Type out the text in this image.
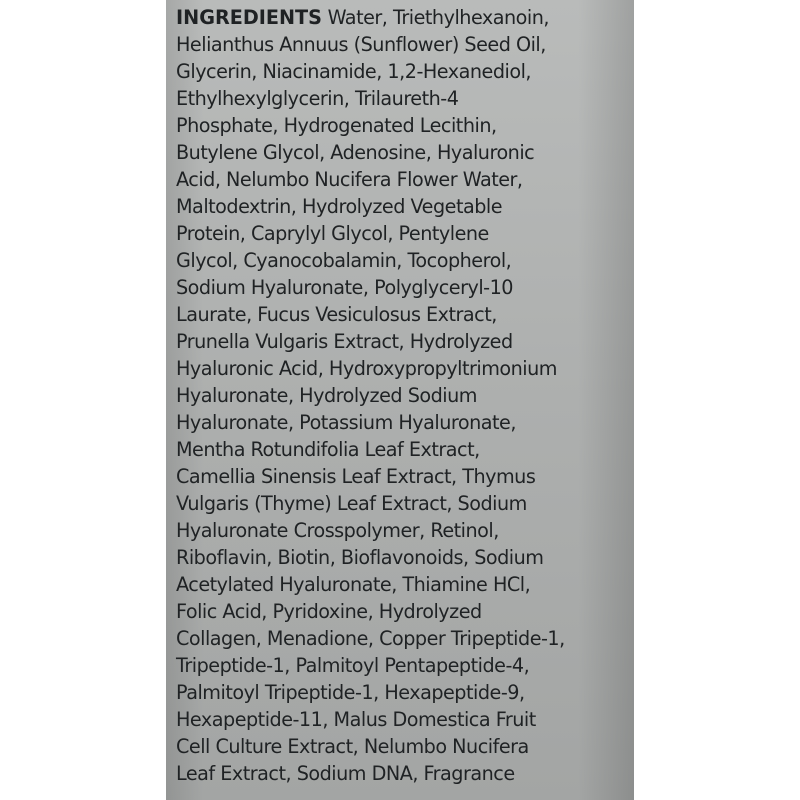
INGREDIENTS Water, Triethylhexanoin,
Helianthus Annuus (Sunflower) Seed Oil,
Glycerin, Niacinamide, 1,2-Hexanediol,
Ethylhexylglycerin, Trilaureth-4
Phosphate, Hydrogenated Lecithin,
Butylene Glycol, Adenosine, Hyaluronic
Acid, Nelumbo Nucifera Flower Water,
Maltodextrin, Hydrolyzed Vegetable
Protein, Caprylyl Glycol, Pentylene
Glycol, Cyanocobalamin, Tocopherol,
Sodium Hyaluronate, Polyglyceryl-10
Laurate, Fucus Vesiculosus Extract,
Prunella Vulgaris Extract, Hydrolyzed
Hyaluronic Acid, Hydroxypropyltrimonium
Hyaluronate, Hydrolyzed Sodium
Hyaluronate, Potassium Hyaluronate,
Mentha Rotundifolia Leaf Extract,
Camellia Sinensis Leaf Extract, Thymus
Vulgaris (Thyme) Leaf Extract, Sodium
Hyaluronate Crosspolymer, Retinol,
Riboflavin, Biotin, Bioflavonoids, Sodium
Acetylated Hyaluronate, Thiamine HCl,
Folic Acid, Pyridoxine, Hydrolyzed
Collagen, Menadione, Copper Tripeptide-1,
Tripeptide-1, Palmitoyl Pentapeptide-4,
Palmitoyl Tripeptide-1, Hexapeptide-9,
Hexapeptide-11, Malus Domestica Fruit
Cell Culture Extract, Nelumbo Nucifera
Leaf Extract, Sodium DNA, Fragrance
